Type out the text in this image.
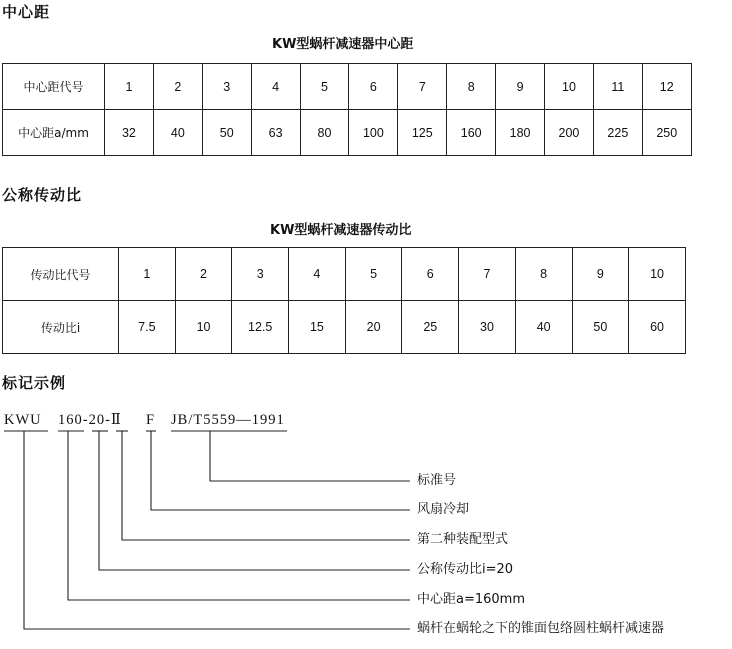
中心距
KW型蜗杆减速器中心距
中心距代号	1	2	3	4	5	6	7	8	9	10	11	12
中心距a/mm	32	40	50	63	80	100	125	160	180	200	225	250
公称传动比
KW型蜗杆减速器传动比
传动比代号	1	2	3	4	5	6	7	8	9	10
传动比i	7.5	10	12.5	15	20	25	30	40	50	60
标记示例
KWU 160-20-Ⅱ F JB/T5559—1991
标准号
风扇冷却
第二种装配型式
公称传动比i=20
中心距a=160mm
蜗杆在蜗轮之下的锥面包络圆柱蜗杆减速器
